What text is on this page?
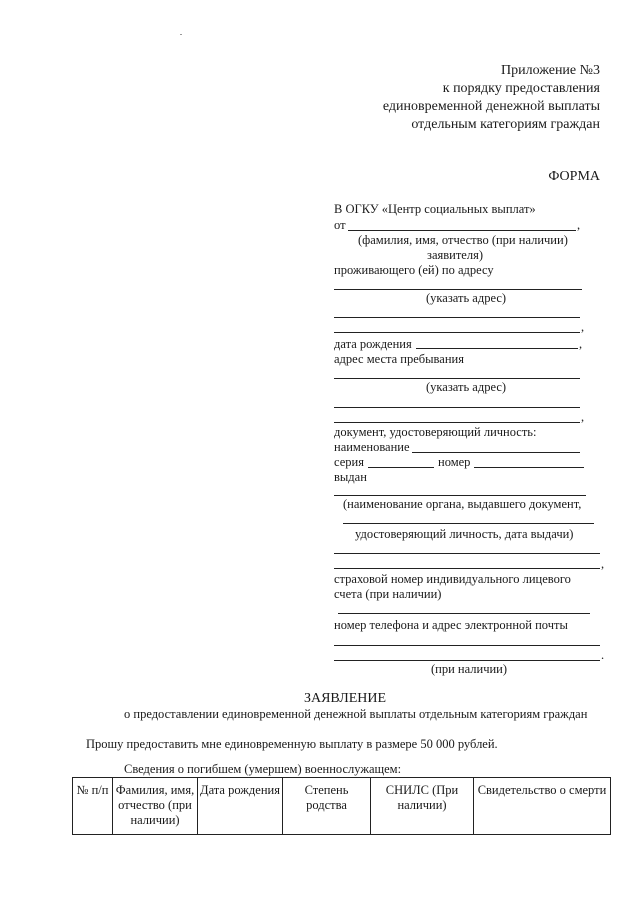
Приложение №3
к порядку предоставления
единовременной денежной выплаты
отдельным категориям граждан
ФОРМА
В ОГКУ «Центр социальных выплат»
от	,
(фамилия, имя, отчество (при наличии)
заявителя)
проживающего (ей) по адресу
(указать адрес)
,
дата рождения	,
адрес места пребывания
(указать адрес)
,
документ, удостоверяющий личность:
наименование
серия	номер
выдан
(наименование органа, выдавшего документ,
удостоверяющий личность, дата выдачи)
,
страховой номер индивидуального лицевого
счета (при наличии)
номер телефона и адрес электронной почты
.
(при наличии)
ЗАЯВЛЕНИЕ
о предоставлении единовременной денежной выплаты отдельным категориям граждан
Прошу предоставить мне единовременную выплату в размере 50 000 рублей.
Сведения о погибшем (умершем) военнослужащем:
№ п/п	Фамилия, имя, отчество (при наличии)	Дата рождения	Степень родства	СНИЛС (При наличии)	Свидетельство о смерти
